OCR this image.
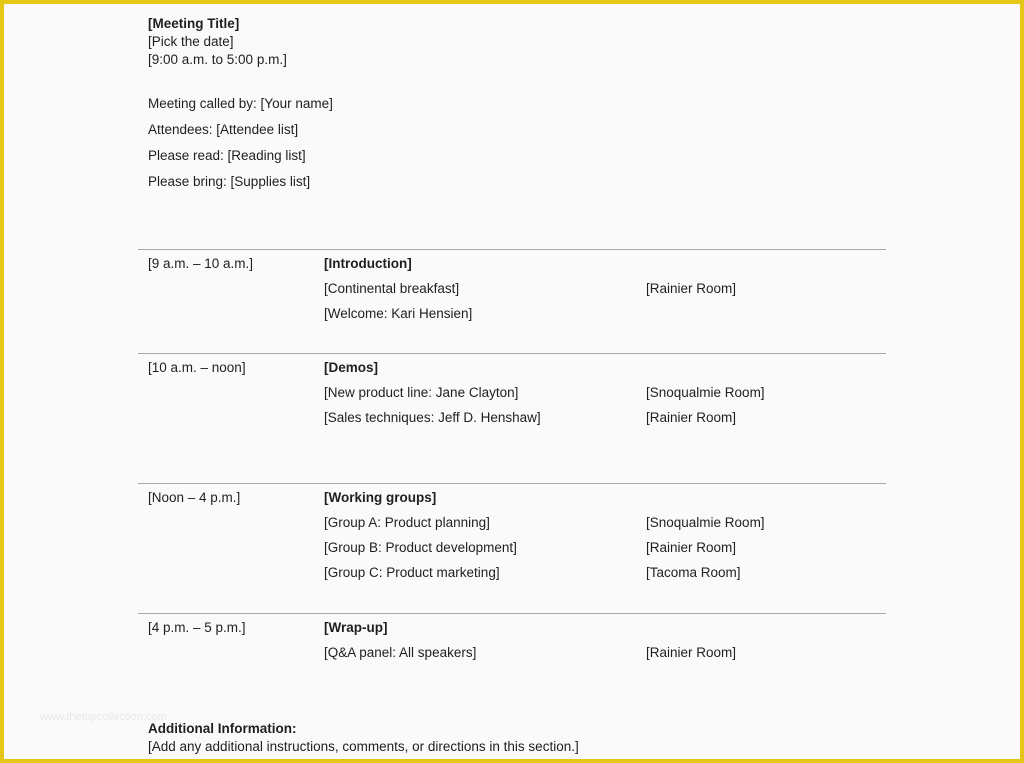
[Meeting Title]
[Pick the date]
[9:00 a.m. to 5:00 p.m.]
Meeting called by: [Your name]
Attendees: [Attendee list]
Please read: [Reading list]
Please bring: [Supplies list]
[9 a.m. – 10 a.m.]	[Introduction]
[Continental breakfast]	[Rainier Room]
[Welcome: Kari Hensien]
[10 a.m. – noon]	[Demos]
[New product line: Jane Clayton]	[Snoqualmie Room]
[Sales techniques: Jeff D. Henshaw]	[Rainier Room]
[Noon – 4 p.m.]	[Working groups]
[Group A: Product planning]	[Snoqualmie Room]
[Group B: Product development]	[Rainier Room]
[Group C: Product marketing]	[Tacoma Room]
[4 p.m. – 5 p.m.]	[Wrap-up]
[Q&A panel: All speakers]	[Rainier Room]
www.thetopcollection.com
Additional Information:
[Add any additional instructions, comments, or directions in this section.]
